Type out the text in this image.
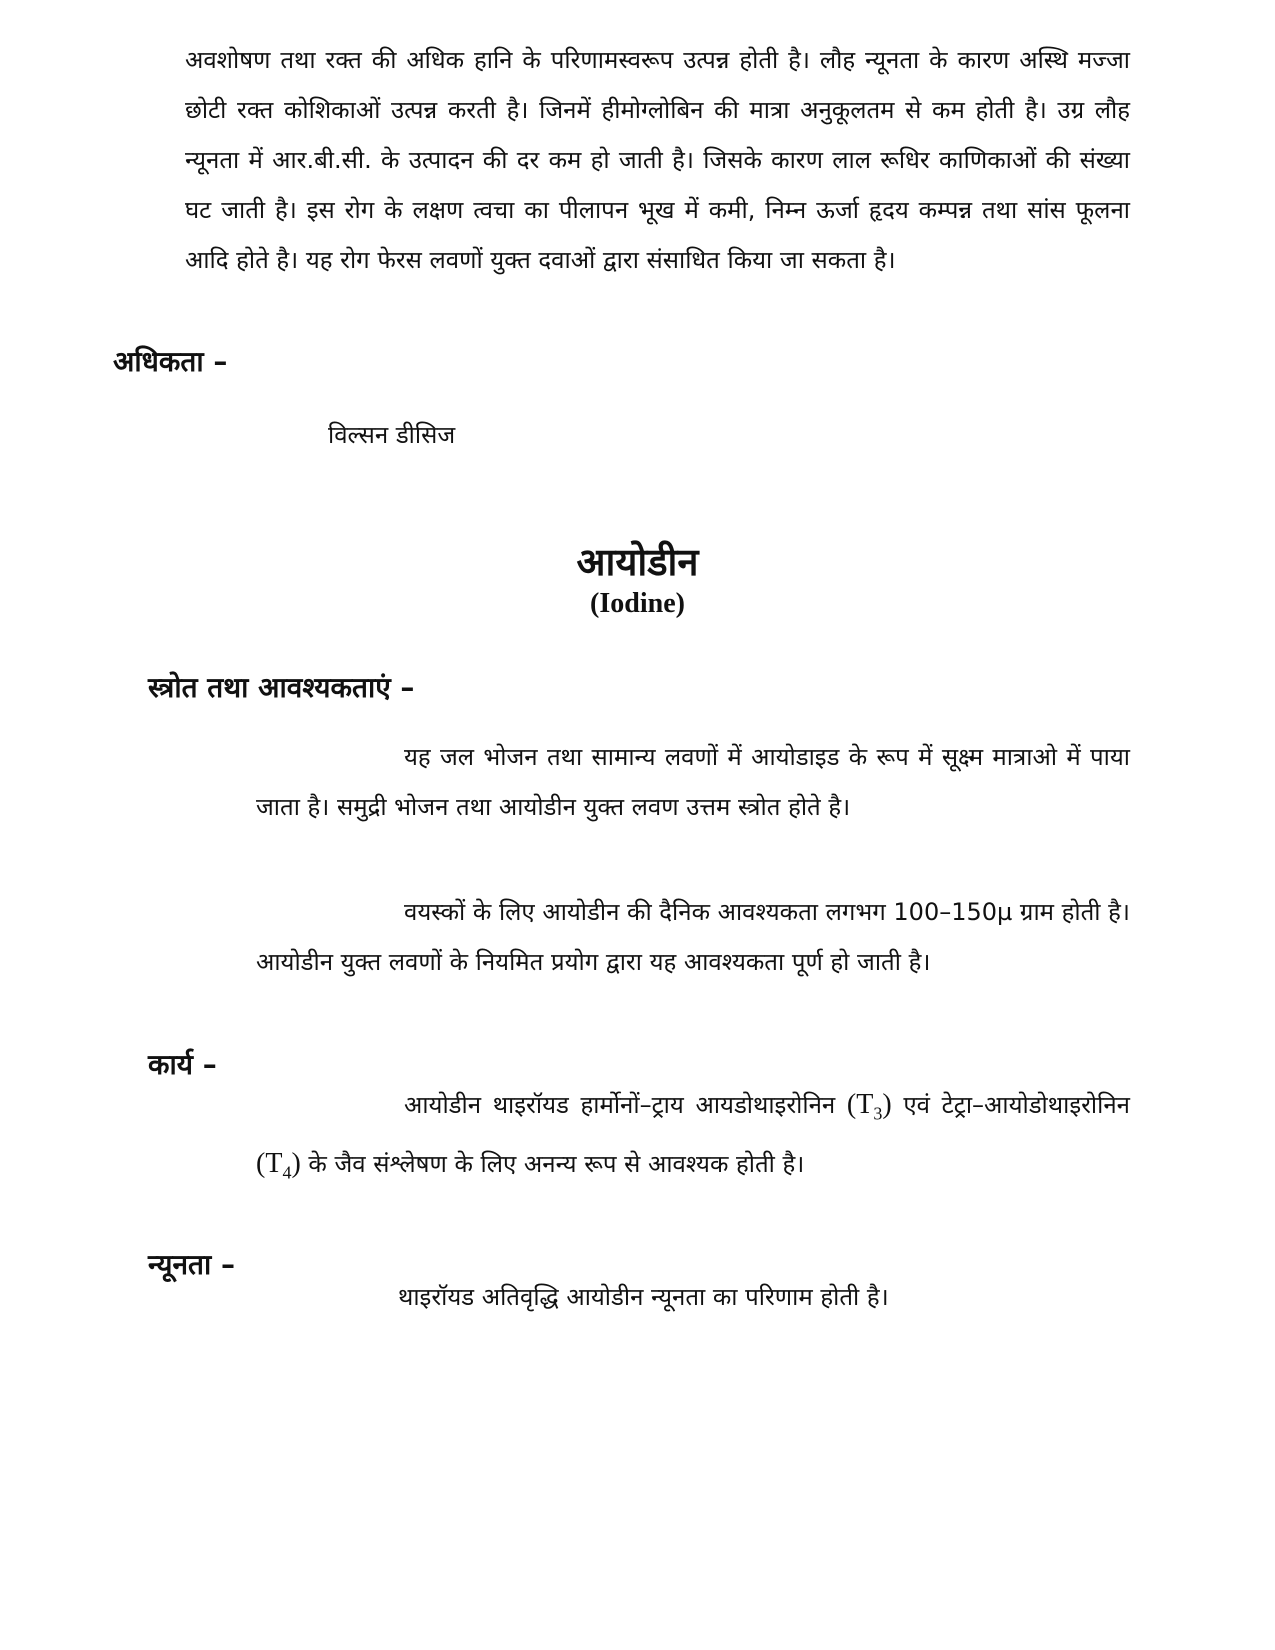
अवशोषण तथा रक्त की अधिक हानि के परिणामस्वरूप उत्पन्न होती है। लौह न्यूनता के कारण अस्थि मज्जा छोटी रक्त कोशिकाओं उत्पन्न करती है। जिनमें हीमोग्लोबिन की मात्रा अनुकूलतम से कम होती है। उग्र लौह न्यूनता में आर.बी.सी. के उत्पादन की दर कम हो जाती है। जिसके कारण लाल रूधिर काणिकाओं की संख्या घट जाती है। इस रोग के लक्षण त्वचा का पीलापन भूख में कमी, निम्न ऊर्जा हृदय कम्पन्न तथा सांस फूलना आदि होते है। यह रोग फेरस लवणों युक्त दवाओं द्वारा संसाधित किया जा सकता है।

अधिकता –

विल्सन डीसिज

आयोडीन
(Iodine)
स्त्रोत तथा आवश्यकताएं –

यह जल भोजन तथा सामान्य लवणों में आयोडाइड के रूप में सूक्ष्म मात्राओ में पाया जाता है। समुद्री भोजन तथा आयोडीन युक्त लवण उत्तम स्त्रोत होते है।

वयस्कों के लिए आयोडीन की दैनिक आवश्यकता लगभग 100–150µ ग्राम होती है। आयोडीन युक्त लवणों के नियमित प्रयोग द्वारा यह आवश्यकता पूर्ण हो जाती है।

कार्य –

आयोडीन थाइरॉयड हार्मोनों–ट्राय आयडोथाइरोनिन $(T_3)$ एवं टेट्रा–आयोडोथाइरोनिन $(T_4)$ के जैव संश्लेषण के लिए अनन्य रूप से आवश्यक होती है।

न्यूनता –

थाइरॉयड अतिवृद्धि आयोडीन न्यूनता का परिणाम होती है।
